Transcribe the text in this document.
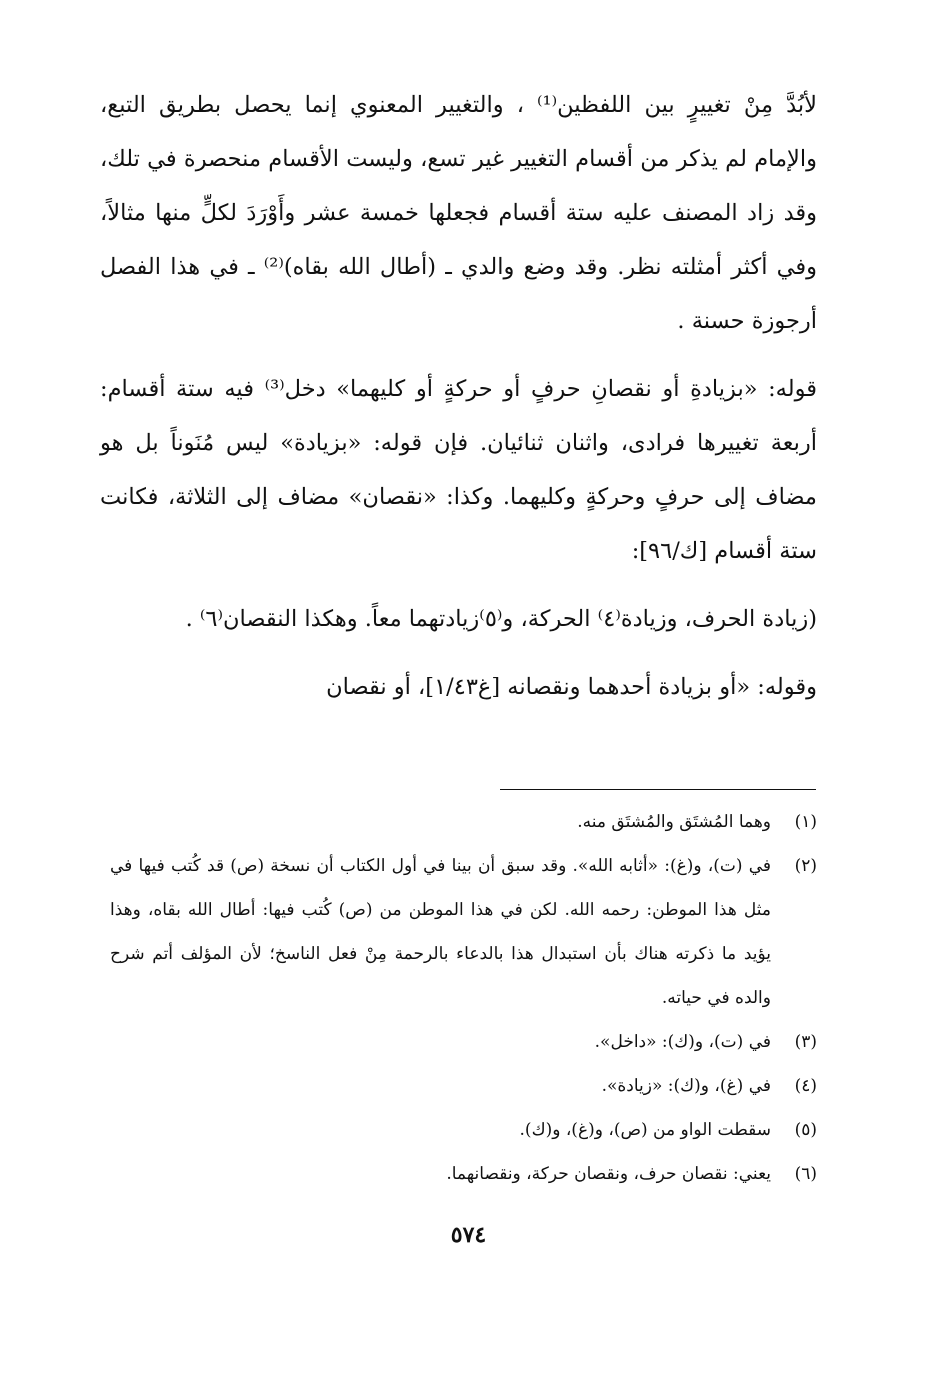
لأبُدَّ مِنْ تغييرٍ بين اللفظين⁽¹⁾ ، والتغيير المعنوي إنما يحصل بطريق التبع، والإمام لم يذكر من أقسام التغيير غير تسع، وليست الأقسام منحصرة في تلك، وقد زاد المصنف عليه ستة أقسام فجعلها خمسة عشر وأَوْرَدَ لكلٍّ منها مثالاً، وفي أكثر أمثلته نظر. وقد وضع والدي ـ (أطال الله بقاه)⁽²⁾ ـ في هذا الفصل أرجوزة حسنة .

قوله: «بزيادةِ أو نقصانِ حرفٍ أو حركةٍ أو كليهما» دخل⁽³⁾ فيه ستة أقسام: أربعة تغييرها فرادى، واثنان ثنائيان. فإن قوله: «بزيادة» ليس مُنَوناً بل هو مضاف إلى حرفٍ وحركةٍ وكليهما. وكذا: «نقصان» مضاف إلى الثلاثة، فكانت ستة أقسام [ك/٩٦]:

(زيادة الحرف، وزيادة⁽٤⁾ الحركة، و⁽٥⁾زيادتهما معاً. وهكذا النقصان⁽٦⁾ .

وقوله: «أو بزيادة أحدهما ونقصانه [غ١/٤٣]، أو نقصان

(١)
وهما المُشتَق والمُشتَق منه.
(٢)
في (ت)، و(غ): «أثابه الله». وقد سبق أن بينا في أول الكتاب أن نسخة (ص) قد كُتب فيها في مثل هذا الموطن: رحمه الله. لكن في هذا الموطن من (ص) كُتب فيها: أطال الله بقاه، وهذا يؤيد ما ذكرته هناك بأن استبدال هذا بالدعاء بالرحمة مِنْ فعل الناسخ؛ لأن المؤلف أتم شرح والده في حياته.
(٣)
في (ت)، و(ك): «داخل».
(٤)
في (غ)، و(ك): «زيادة».
(٥)
سقطت الواو من (ص)، و(غ)، و(ك).
(٦)
يعني: نقصان حرف، ونقصان حركة، ونقصانهما.
٥٧٤
